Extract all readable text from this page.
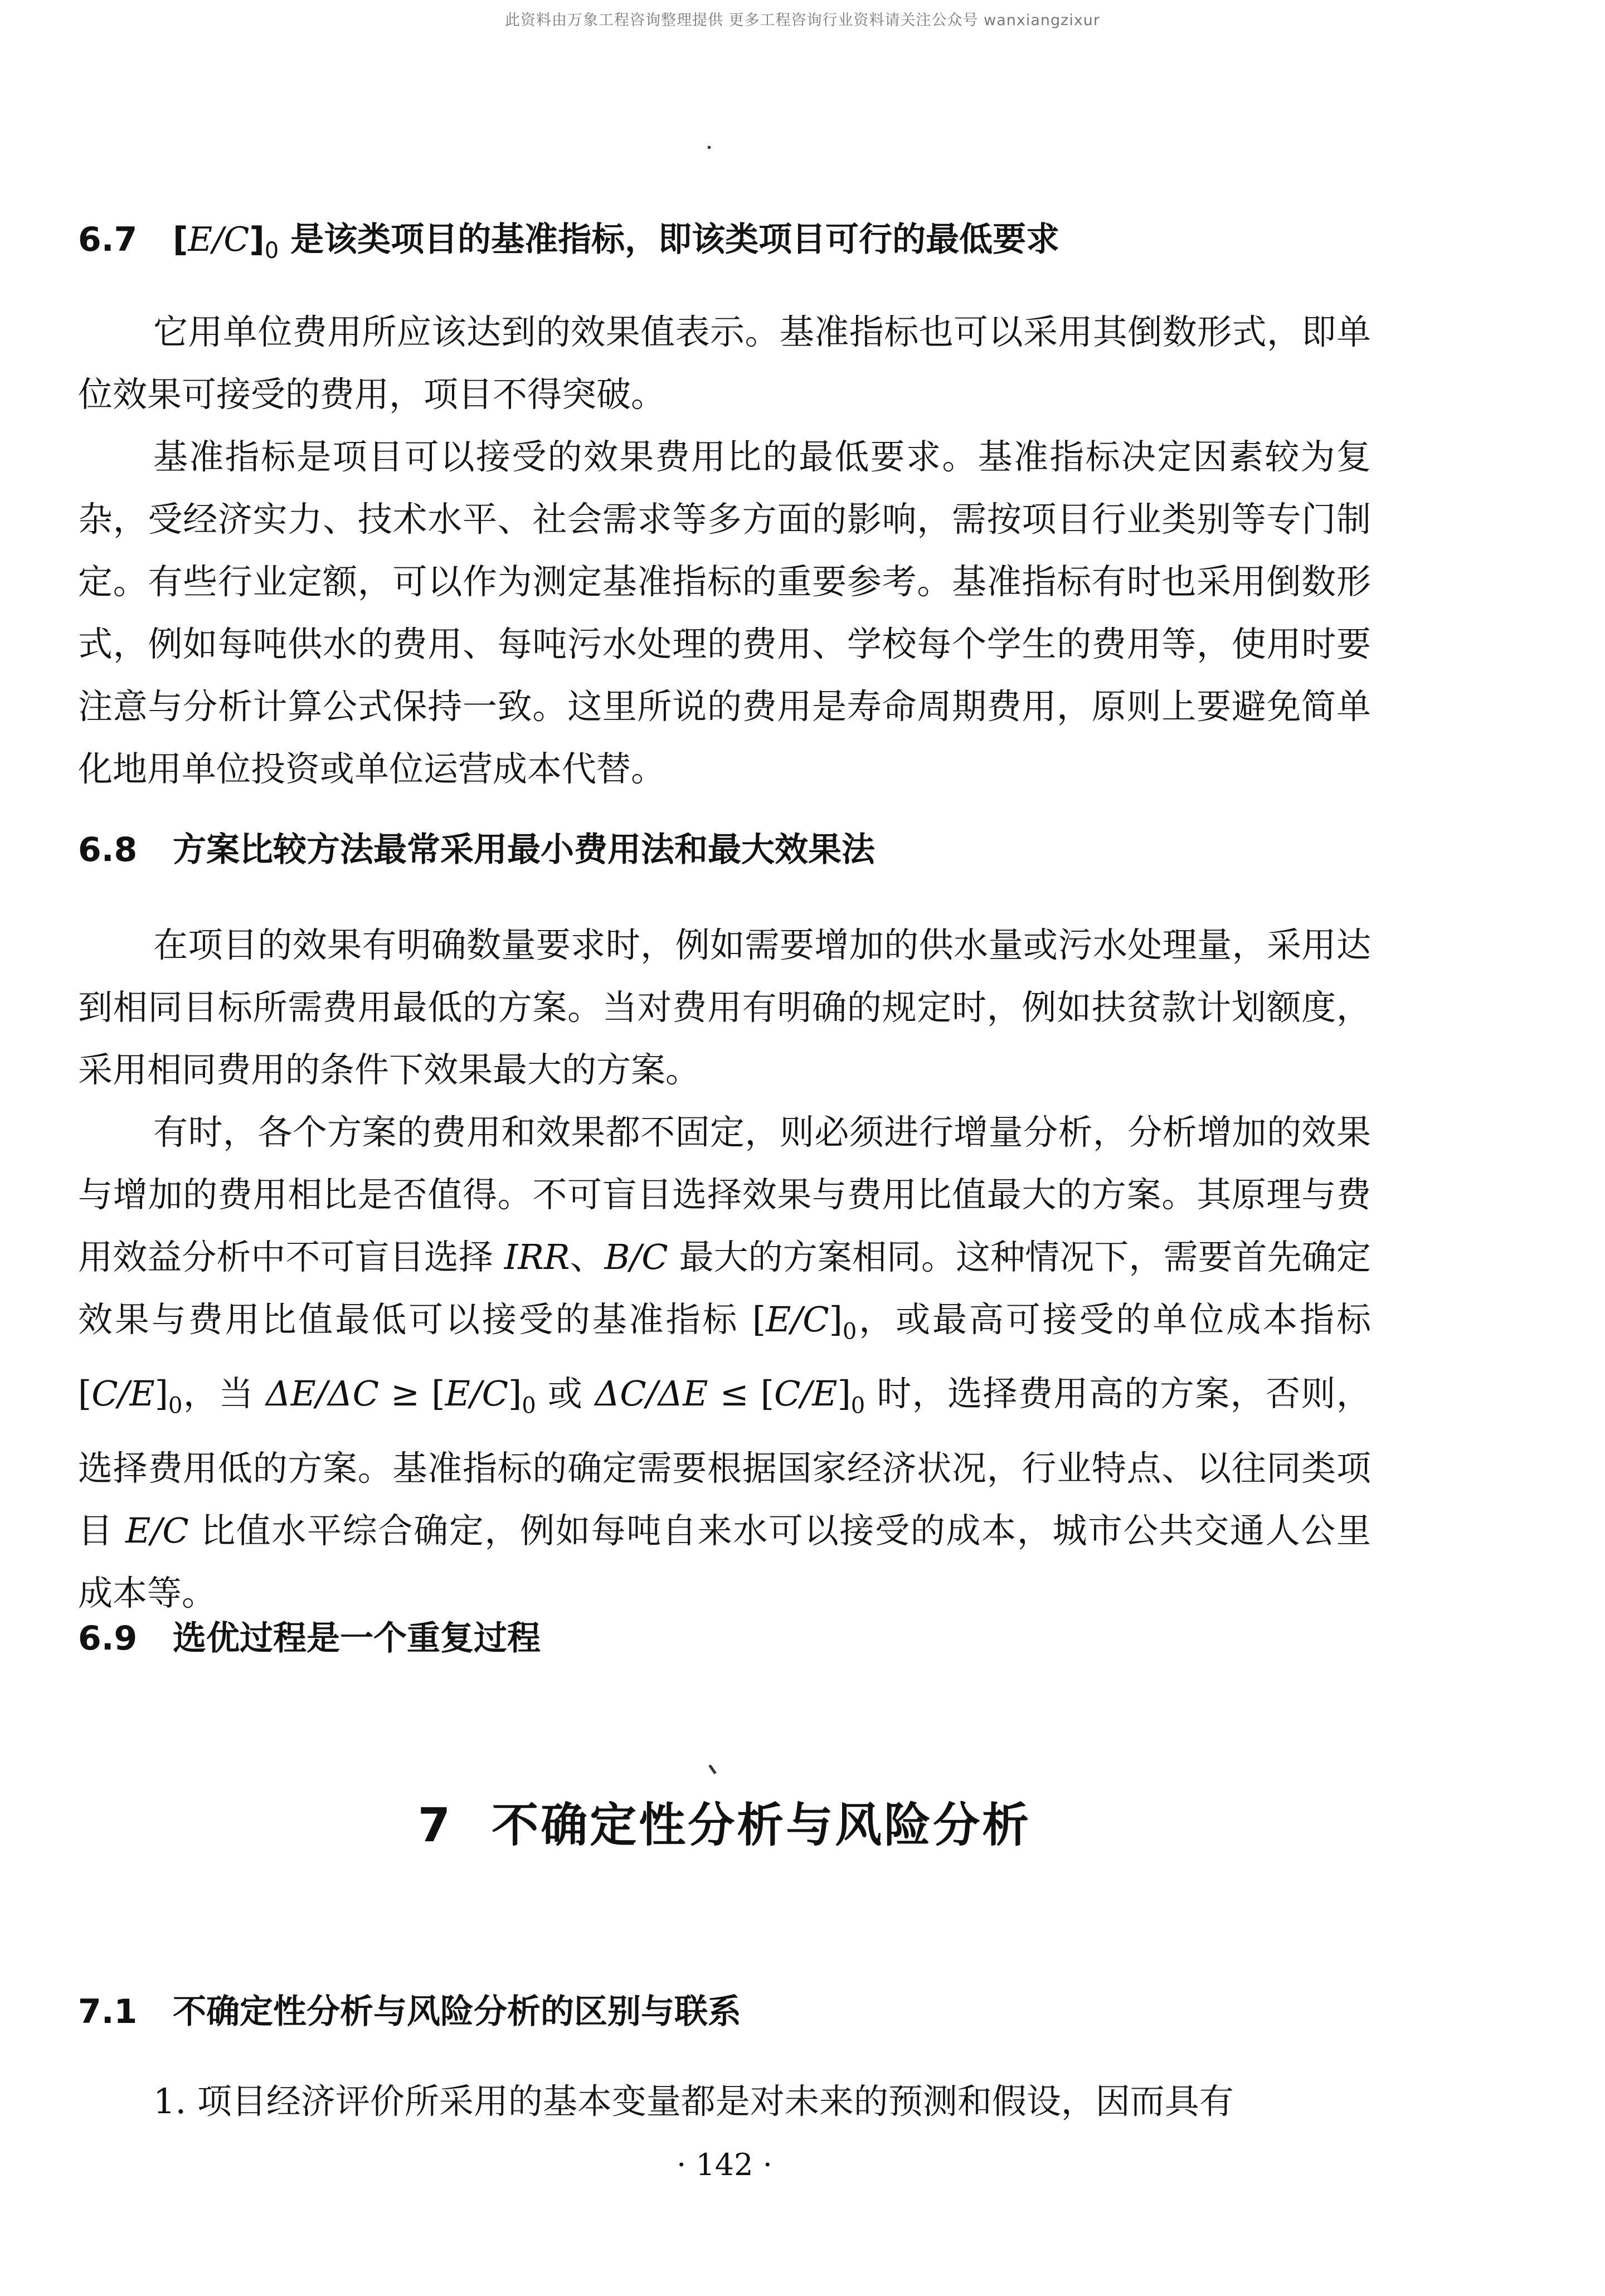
此资料由万象工程咨询整理提供 更多工程咨询行业资料请关注公众号 wanxiangzixur
6.7 $[E/C]_0$ 是该类项目的基准指标，即该类项目可行的最低要求

它用单位费用所应该达到的效果值表示。基准指标也可以采用其倒数形式，即单位效果可接受的费用，项目不得突破。

基准指标是项目可以接受的效果费用比的最低要求。基准指标决定因素较为复杂，受经济实力、技术水平、社会需求等多方面的影响，需按项目行业类别等专门制定。有些行业定额，可以作为测定基准指标的重要参考。基准指标有时也采用倒数形式，例如每吨供水的费用、每吨污水处理的费用、学校每个学生的费用等，使用时要注意与分析计算公式保持一致。这里所说的费用是寿命周期费用，原则上要避免简单化地用单位投资或单位运营成本代替。

6.8 方案比较方法最常采用最小费用法和最大效果法

在项目的效果有明确数量要求时，例如需要增加的供水量或污水处理量，采用达到相同目标所需费用最低的方案。当对费用有明确的规定时，例如扶贫款计划额度，采用相同费用的条件下效果最大的方案。

有时，各个方案的费用和效果都不固定，则必须进行增量分析，分析增加的效果与增加的费用相比是否值得。不可盲目选择效果与费用比值最大的方案。其原理与费用效益分析中不可盲目选择 IRR、B/C 最大的方案相同。这种情况下，需要首先确定效果与费用比值最低可以接受的基准指标 $[E/C]_0$，或最高可接受的单位成本指标 $[C/E]_0$，当 $\Delta E/\Delta C \ge [E/C]_0$ 或 $\Delta C/\Delta E \le [C/E]_0$ 时，选择费用高的方案，否则，选择费用低的方案。基准指标的确定需要根据国家经济状况，行业特点、以往同类项目 E/C 比值水平综合确定，例如每吨自来水可以接受的成本，城市公共交通人公里成本等。

6.9 选优过程是一个重复过程
7 不确定性分析与风险分析
7.1 不确定性分析与风险分析的区别与联系

1. 项目经济评价所采用的基本变量都是对未来的预测和假设，因而具有

· 142 ·
